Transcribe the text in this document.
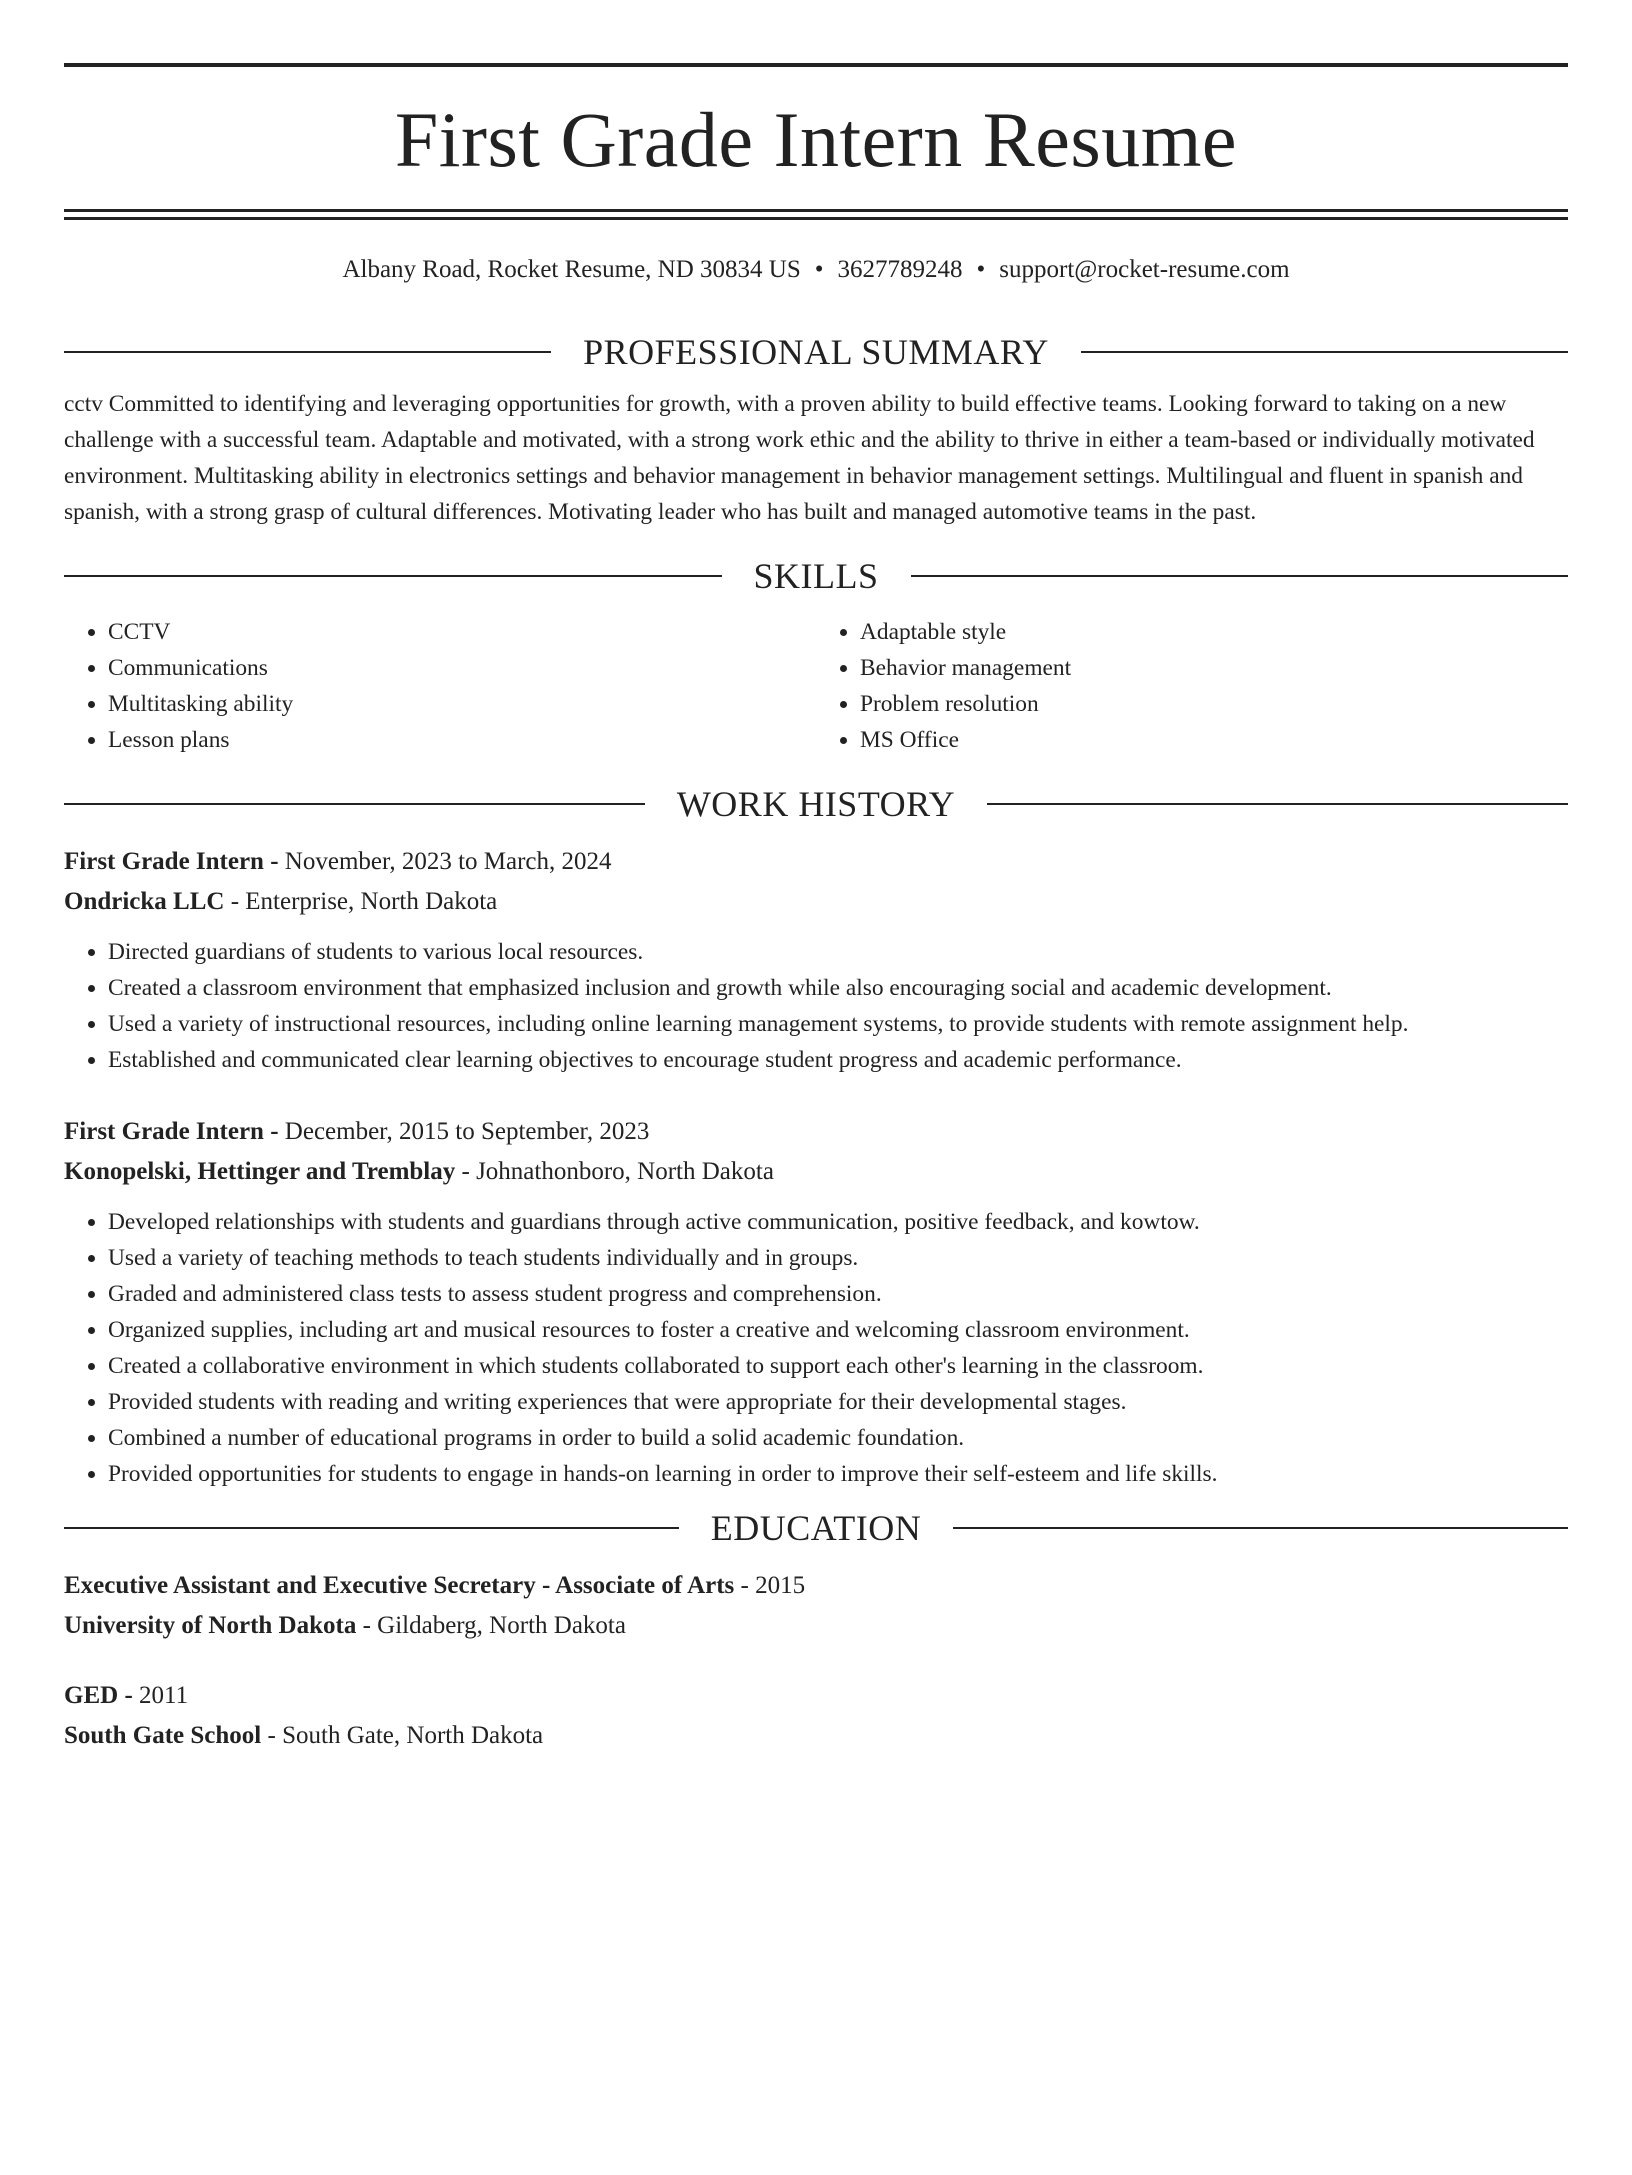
First Grade Intern Resume
Albany Road, Rocket Resume, ND 30834 US • 3627789248 • support@rocket-resume.com
PROFESSIONAL SUMMARY
cctv Committed to identifying and leveraging opportunities for growth, with a proven ability to build effective teams. Looking forward to taking on a new challenge with a successful team. Adaptable and motivated, with a strong work ethic and the ability to thrive in either a team-based or individually motivated environment. Multitasking ability in electronics settings and behavior management in behavior management settings. Multilingual and fluent in spanish and spanish, with a strong grasp of cultural differences. Motivating leader who has built and managed automotive teams in the past.
SKILLS
• CCTV
• Communications
• Multitasking ability
• Lesson plans
• Adaptable style
• Behavior management
• Problem resolution
• MS Office
WORK HISTORY
First Grade Intern - November, 2023 to March, 2024
Ondricka LLC - Enterprise, North Dakota
• Directed guardians of students to various local resources.
• Created a classroom environment that emphasized inclusion and growth while also encouraging social and academic development.
• Used a variety of instructional resources, including online learning management systems, to provide students with remote assignment help.
• Established and communicated clear learning objectives to encourage student progress and academic performance.
First Grade Intern - December, 2015 to September, 2023
Konopelski, Hettinger and Tremblay - Johnathonboro, North Dakota
• Developed relationships with students and guardians through active communication, positive feedback, and kowtow.
• Used a variety of teaching methods to teach students individually and in groups.
• Graded and administered class tests to assess student progress and comprehension.
• Organized supplies, including art and musical resources to foster a creative and welcoming classroom environment.
• Created a collaborative environment in which students collaborated to support each other's learning in the classroom.
• Provided students with reading and writing experiences that were appropriate for their developmental stages.
• Combined a number of educational programs in order to build a solid academic foundation.
• Provided opportunities for students to engage in hands-on learning in order to improve their self-esteem and life skills.
EDUCATION
Executive Assistant and Executive Secretary - Associate of Arts - 2015
University of North Dakota - Gildaberg, North Dakota
GED - 2011
South Gate School - South Gate, North Dakota
